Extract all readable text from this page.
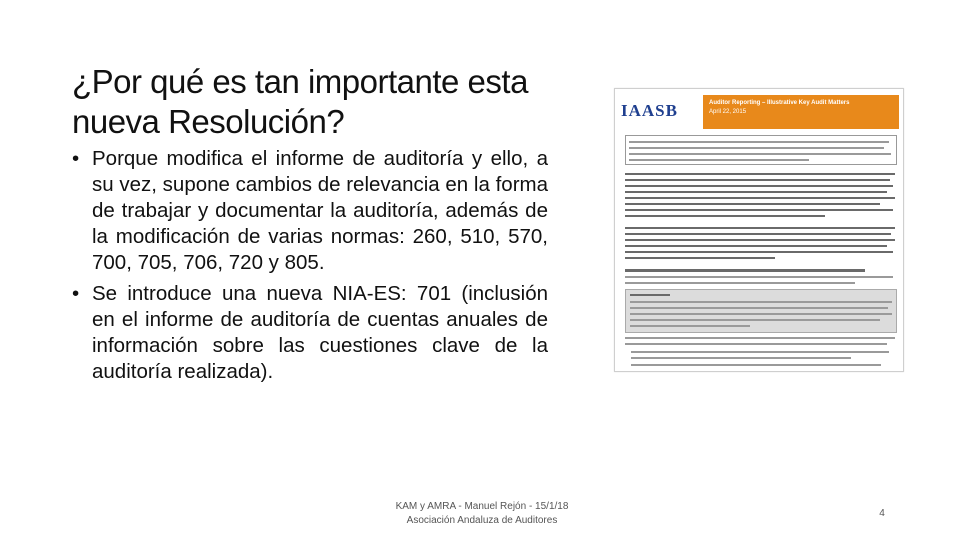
¿Por qué es tan importante esta
nueva Resolución?
• Porque modifica el informe de auditoría y ello, a su vez, supone cambios de relevancia en la forma de trabajar y documentar la auditoría, además de la modificación de varias normas: 260, 510, 570, 700, 705, 706, 720 y 805.
• Se introduce una nueva NIA-ES: 701 (inclusión en el informe de auditoría de cuentas anuales de información sobre las cuestiones clave de la auditoría realizada).
IAASB	Auditor Reporting – Illustrative Key Audit Matters
April 22, 2015
KAM y AMRA - Manuel Rejón - 15/1/18
Asociación Andaluza de Auditores
4
